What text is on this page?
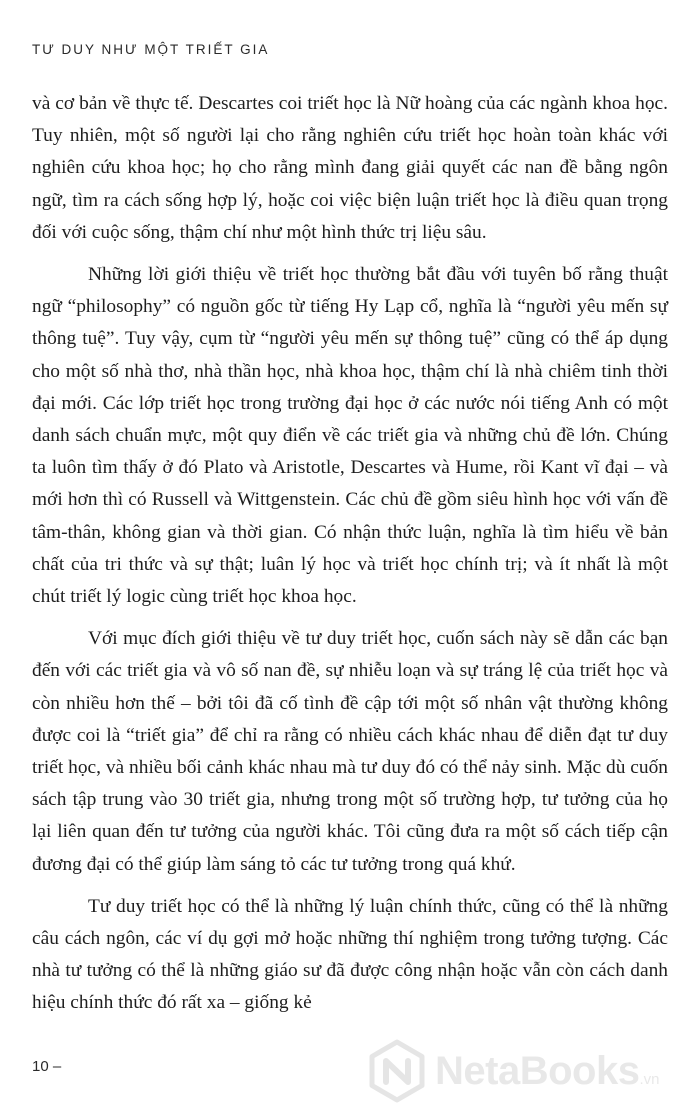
TƯ DUY NHƯ MỘT TRIẾT GIA

và cơ bản về thực tế. Descartes coi triết học là Nữ hoàng của các ngành khoa học. Tuy nhiên, một số người lại cho rằng nghiên cứu triết học hoàn toàn khác với nghiên cứu khoa học; họ cho rằng mình đang giải quyết các nan đề bằng ngôn ngữ, tìm ra cách sống hợp lý, hoặc coi việc biện luận triết học là điều quan trọng đối với cuộc sống, thậm chí như một hình thức trị liệu sâu.

Những lời giới thiệu về triết học thường bắt đầu với tuyên bố rằng thuật ngữ “philosophy” có nguồn gốc từ tiếng Hy Lạp cổ, nghĩa là “người yêu mến sự thông tuệ”. Tuy vậy, cụm từ “người yêu mến sự thông tuệ” cũng có thể áp dụng cho một số nhà thơ, nhà thần học, nhà khoa học, thậm chí là nhà chiêm tinh thời đại mới. Các lớp triết học trong trường đại học ở các nước nói tiếng Anh có một danh sách chuẩn mực, một quy điển về các triết gia và những chủ đề lớn. Chúng ta luôn tìm thấy ở đó Plato và Aristotle, Descartes và Hume, rồi Kant vĩ đại – và mới hơn thì có Russell và Wittgenstein. Các chủ đề gồm siêu hình học với vấn đề tâm-thân, không gian và thời gian. Có nhận thức luận, nghĩa là tìm hiểu về bản chất của tri thức và sự thật; luân lý học và triết học chính trị; và ít nhất là một chút triết lý logic cùng triết học khoa học.

Với mục đích giới thiệu về tư duy triết học, cuốn sách này sẽ dẫn các bạn đến với các triết gia và vô số nan đề, sự nhiễu loạn và sự tráng lệ của triết học và còn nhiều hơn thế – bởi tôi đã cố tình đề cập tới một số nhân vật thường không được coi là “triết gia” để chỉ ra rằng có nhiều cách khác nhau để diễn đạt tư duy triết học, và nhiều bối cảnh khác nhau mà tư duy đó có thể nảy sinh. Mặc dù cuốn sách tập trung vào 30 triết gia, nhưng trong một số trường hợp, tư tưởng của họ lại liên quan đến tư tưởng của người khác. Tôi cũng đưa ra một số cách tiếp cận đương đại có thể giúp làm sáng tỏ các tư tưởng trong quá khứ.

Tư duy triết học có thể là những lý luận chính thức, cũng có thể là những câu cách ngôn, các ví dụ gợi mở hoặc những thí nghiệm trong tưởng tượng. Các nhà tư tưởng có thể là những giáo sư đã được công nhận hoặc vẫn còn cách danh hiệu chính thức đó rất xa – giống kẻ

10 –	NetaBooks.vn
